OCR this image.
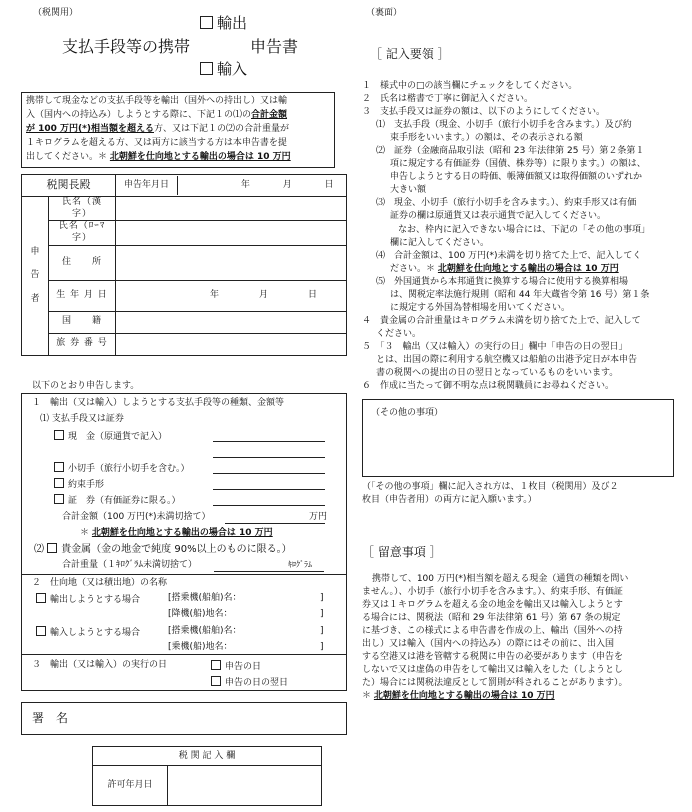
（税関用）
輸出
支払手段等の携帯	申告書
輸入
携帯して現金などの支払手段等を輸出（国外への持出し）又は輸
入（国内への持込み）しようとする際に、下記１の⑴の合計金額
が 100 万円(*)相当額を超える方、又は下記１の⑵の合計重量が
１キログラムを超える方、又は両方に該当する方は本申告書を提
出してください。＊ 北朝鮮を仕向地とする輸出の場合は 10 万円
税関長殿		申告年月日 年 月 日

申告者	氏名（漢字）	
	氏名（ﾛｰﾏ字）	
	住　　所	
	生 年 月 日	年 月 日
	国　　籍	
	旅 券 番 号	
以下のとおり申告します。
１　輸出（又は輸入）しようとする支払手段等の種類、金額等
⑴ 支払手段又は証券
現　金（原通貨で記入）
小切手（旅行小切手を含む。）
約束手形
証　券（有価証券に限る。）
合計金額（100 万円(*)未満切捨て）	万円
＊ 北朝鮮を仕向地とする輸出の場合は 10 万円
⑵ 貴金属（金の地金で純度 90%以上のものに限る。）
合計重量（１ｷﾛｸﾞﾗﾑ未満切捨て）	ｷﾛｸﾞﾗﾑ
２　仕向地（又は積出地）の名称
輸出しようとする場合	[搭乗機(船舶)名：	]
[降機(船)地名：	]
輸入しようとする場合	[搭乗機(船舶)名：	]
[乗機(船)地名：	]
３　輸出（又は輸入）の実行の日	申告の日
申告の日の翌日
署　名
税 関 記 入 欄
許可年月日
（裏面）
［ 記入要領 ］
１　様式中の□の該当欄にチェックをしてください。
２　氏名は楷書で丁寧に御記入ください。
３　支払手段又は証券の額は、以下のようにしてください。
⑴　支払手段（現金、小切手（旅行小切手を含みます。）及び約
束手形をいいます。）の額は、その表示される額
⑵　証券（金融商品取引法（昭和 23 年法律第 25 号）第２条第１
項に規定する有価証券（国債、株券等）に限ります。）の額は、
申告しようとする日の時価、帳簿価額又は取得価額のいずれか
大きい額
⑶　現金、小切手（旅行小切手を含みます。）、約束手形又は有価
証券の欄は原通貨又は表示通貨で記入してください。
なお、枠内に記入できない場合には、下記の「その他の事項」
欄に記入してください。
⑷　合計金額は、100 万円(*)未満を切り捨てた上で、記入してく
ださい。＊ 北朝鮮を仕向地とする輸出の場合は 10 万円
⑸　外国通貨から本邦通貨に換算する場合に使用する換算相場
は、関税定率法施行規則（昭和 44 年大蔵省令第 16 号）第１条
に規定する外国為替相場を用いてください。
４　貴金属の合計重量はキログラム未満を切り捨てた上で、記入して
ください。
５　「３　輸出（又は輸入）の実行の日」欄中「申告の日の翌日」
とは、出国の際に利用する航空機又は船舶の出港予定日が本申告
書の税関への提出の日の翌日となっているものをいいます。
６　作成に当たって御不明な点は税関職員にお尋ねください。
（その他の事項）
（「その他の事項」欄に記入され方は、１枚目（税関用）及び２
枚目（申告者用）の両方に記入願います。）
［ 留意事項 ］
携帯して、100 万円(*)相当額を超える現金（通貨の種類を問い
ません。）、小切手（旅行小切手を含みます。）、約束手形、有価証
券又は１キログラムを超える金の地金を輸出又は輸入しようとす
る場合には、関税法（昭和 29 年法律第 61 号）第 67 条の規定
に基づき、この様式による申告書を作成の上、輸出（国外への持
出し）又は輸入（国内への持込み）の際にはその前に、出入国
する空港又は港を管轄する税関に申告の必要があります（申告を
しないで又は虚偽の申告をして輸出又は輸入をした（しようとし
た）場合には関税法違反として罰則が科されることがあります）。
＊ 北朝鮮を仕向地とする輸出の場合は 10 万円
